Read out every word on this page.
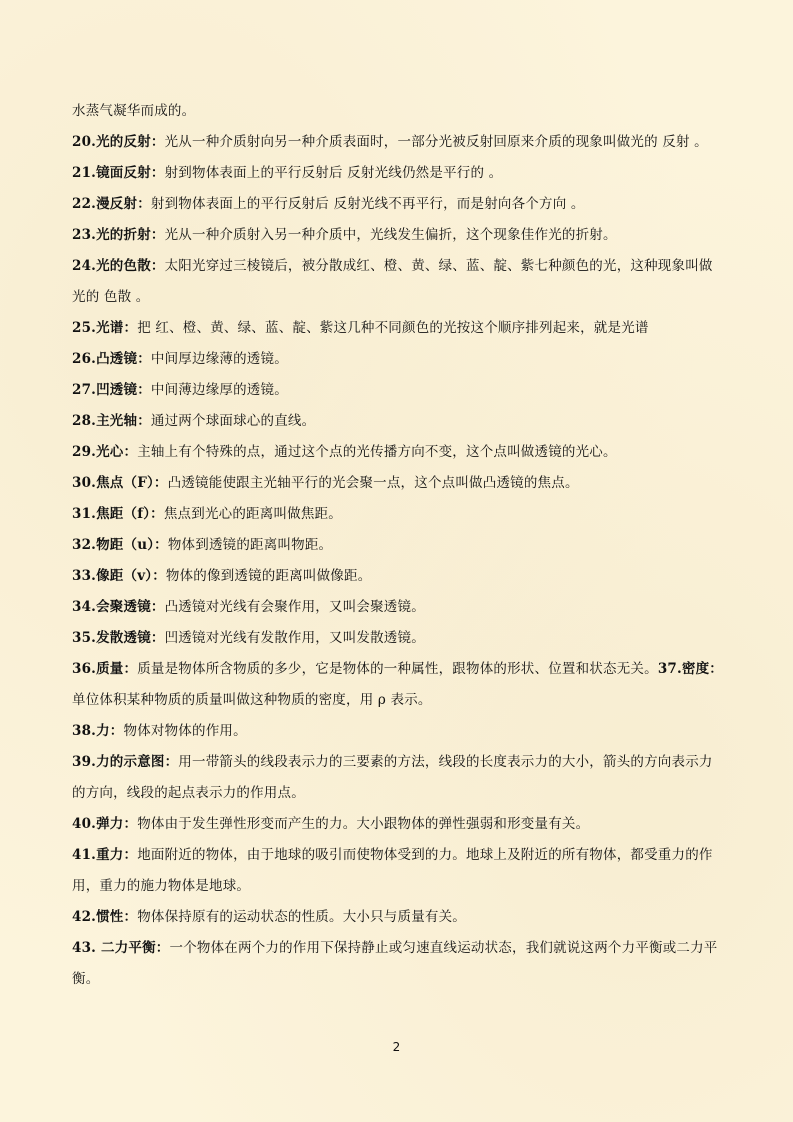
水蒸气凝华而成的。
20.光的反射：光从一种介质射向另一种介质表面时，一部分光被反射回原来介质的现象叫做光的 反射 。
21.镜面反射：射到物体表面上的平行反射后 反射光线仍然是平行的 。
22.漫反射：射到物体表面上的平行反射后 反射光线不再平行，而是射向各个方向 。
23.光的折射：光从一种介质射入另一种介质中，光线发生偏折，这个现象佳作光的折射。
24.光的色散：太阳光穿过三棱镜后，被分散成红、橙、黄、绿、蓝、靛、紫七种颜色的光，这种现象叫做
光的 色散 。
25.光谱：把 红、橙、黄、绿、蓝、靛、紫这几种不同颜色的光按这个顺序排列起来，就是光谱
26.凸透镜：中间厚边缘薄的透镜。
27.凹透镜：中间薄边缘厚的透镜。
28.主光轴：通过两个球面球心的直线。
29.光心：主轴上有个特殊的点，通过这个点的光传播方向不变，这个点叫做透镜的光心。
30.焦点（F）：凸透镜能使跟主光轴平行的光会聚一点，这个点叫做凸透镜的焦点。
31.焦距（f）：焦点到光心的距离叫做焦距。
32.物距（u）：物体到透镜的距离叫物距。
33.像距（v）：物体的像到透镜的距离叫做像距。
34.会聚透镜：凸透镜对光线有会聚作用，又叫会聚透镜。
35.发散透镜：凹透镜对光线有发散作用，又叫发散透镜。
36.质量：质量是物体所含物质的多少，它是物体的一种属性，跟物体的形状、位置和状态无关。37.密度：
单位体积某种物质的质量叫做这种物质的密度，用 ρ 表示。
38.力：物体对物体的作用。
39.力的示意图：用一带箭头的线段表示力的三要素的方法，线段的长度表示力的大小，箭头的方向表示力
的方向，线段的起点表示力的作用点。
40.弹力：物体由于发生弹性形变而产生的力。大小跟物体的弹性强弱和形变量有关。
41.重力：地面附近的物体，由于地球的吸引而使物体受到的力。地球上及附近的所有物体，都受重力的作
用，重力的施力物体是地球。
42.惯性：物体保持原有的运动状态的性质。大小只与质量有关。
43. 二力平衡：一个物体在两个力的作用下保持静止或匀速直线运动状态，我们就说这两个力平衡或二力平
衡。
2
